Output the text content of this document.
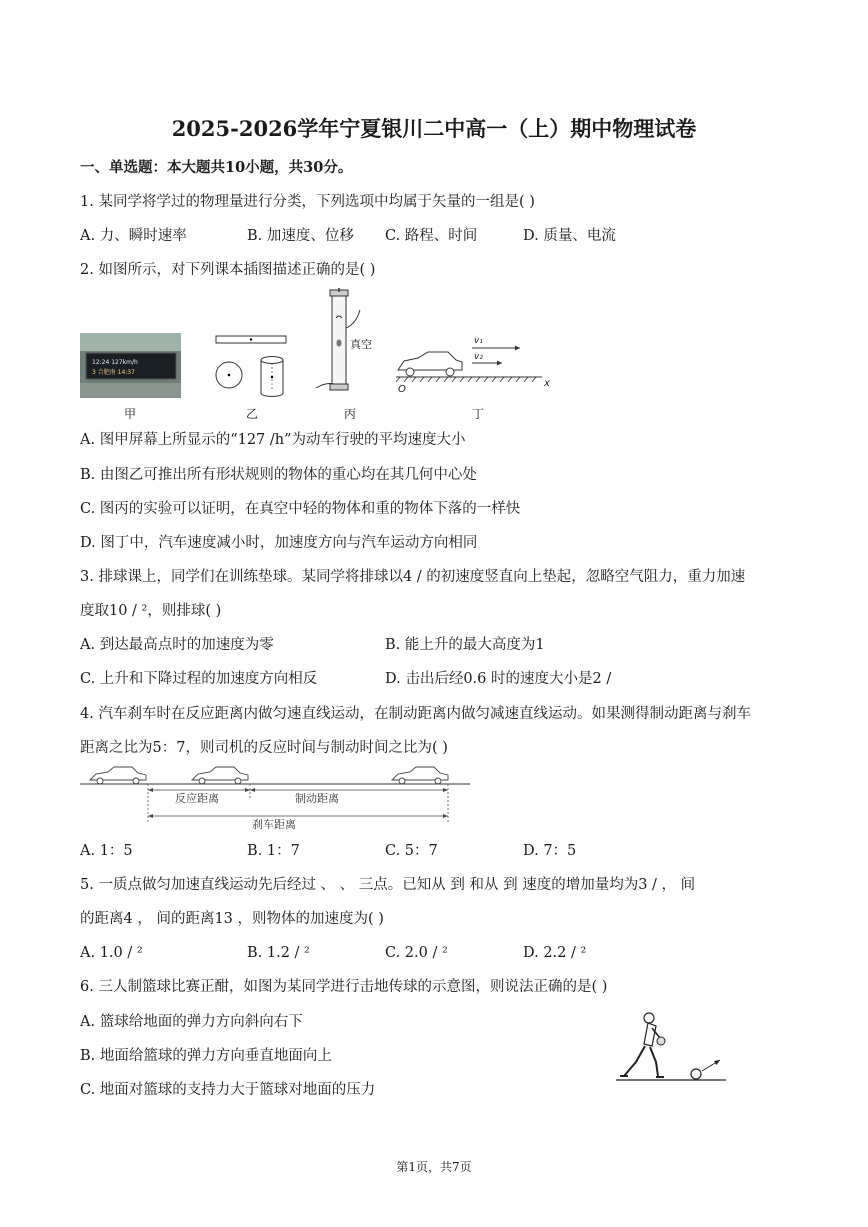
2025-2026学年宁夏银川二中高一（上）期中物理试卷
一、单选题：本大题共10小题，共30分。
1. 某同学将学过的物理量进行分类，下列选项中均属于矢量的一组是( )
A. 力、瞬时速率	B. 加速度、位移 C. 路程、时间	D. 质量、电流
2. 如图所示，对下列课本插图描述正确的是( )
12:24 127km/h
3 合肥南 14:37
真空	v₁
v₂
O
x
甲	乙	丙	丁
A. 图甲屏幕上所显示的“127 /h”为动车行驶的平均速度大小
B. 由图乙可推出所有形状规则的物体的重心均在其几何中心处
C. 图丙的实验可以证明，在真空中轻的物体和重的物体下落的一样快
D. 图丁中，汽车速度减小时，加速度方向与汽车运动方向相同
3. 排球课上，同学们在训练垫球。某同学将排球以4 / 的初速度竖直向上垫起，忽略空气阻力，重力加速
度取10 / ²，则排球( )
A. 到达最高点时的加速度为零	B. 能上升的最大高度为1
C. 上升和下降过程的加速度方向相反	D. 击出后经0.6 时的速度大小是2 /
4. 汽车刹车时在反应距离内做匀速直线运动，在制动距离内做匀减速直线运动。如果测得制动距离与刹车
距离之比为5：7，则司机的反应时间与制动时间之比为( )
反应距离	制动距离
刹车距离
A. 1：5	B. 1：7	C. 5：7	D. 7：5
5. 一质点做匀加速直线运动先后经过 、 、 三点。已知从 到 和从 到 速度的增加量均为3 / ， 间
的距离4 ， 间的距离13 ，则物体的加速度为( )
A. 1.0 / ²	B. 1.2 / ²	C. 2.0 / ²	D. 2.2 / ²
6. 三人制篮球比赛正酣，如图为某同学进行击地传球的示意图，则说法正确的是( )
A. 篮球给地面的弹力方向斜向右下
B. 地面给篮球的弹力方向垂直地面向上
C. 地面对篮球的支持力大于篮球对地面的压力
第1页，共7页
